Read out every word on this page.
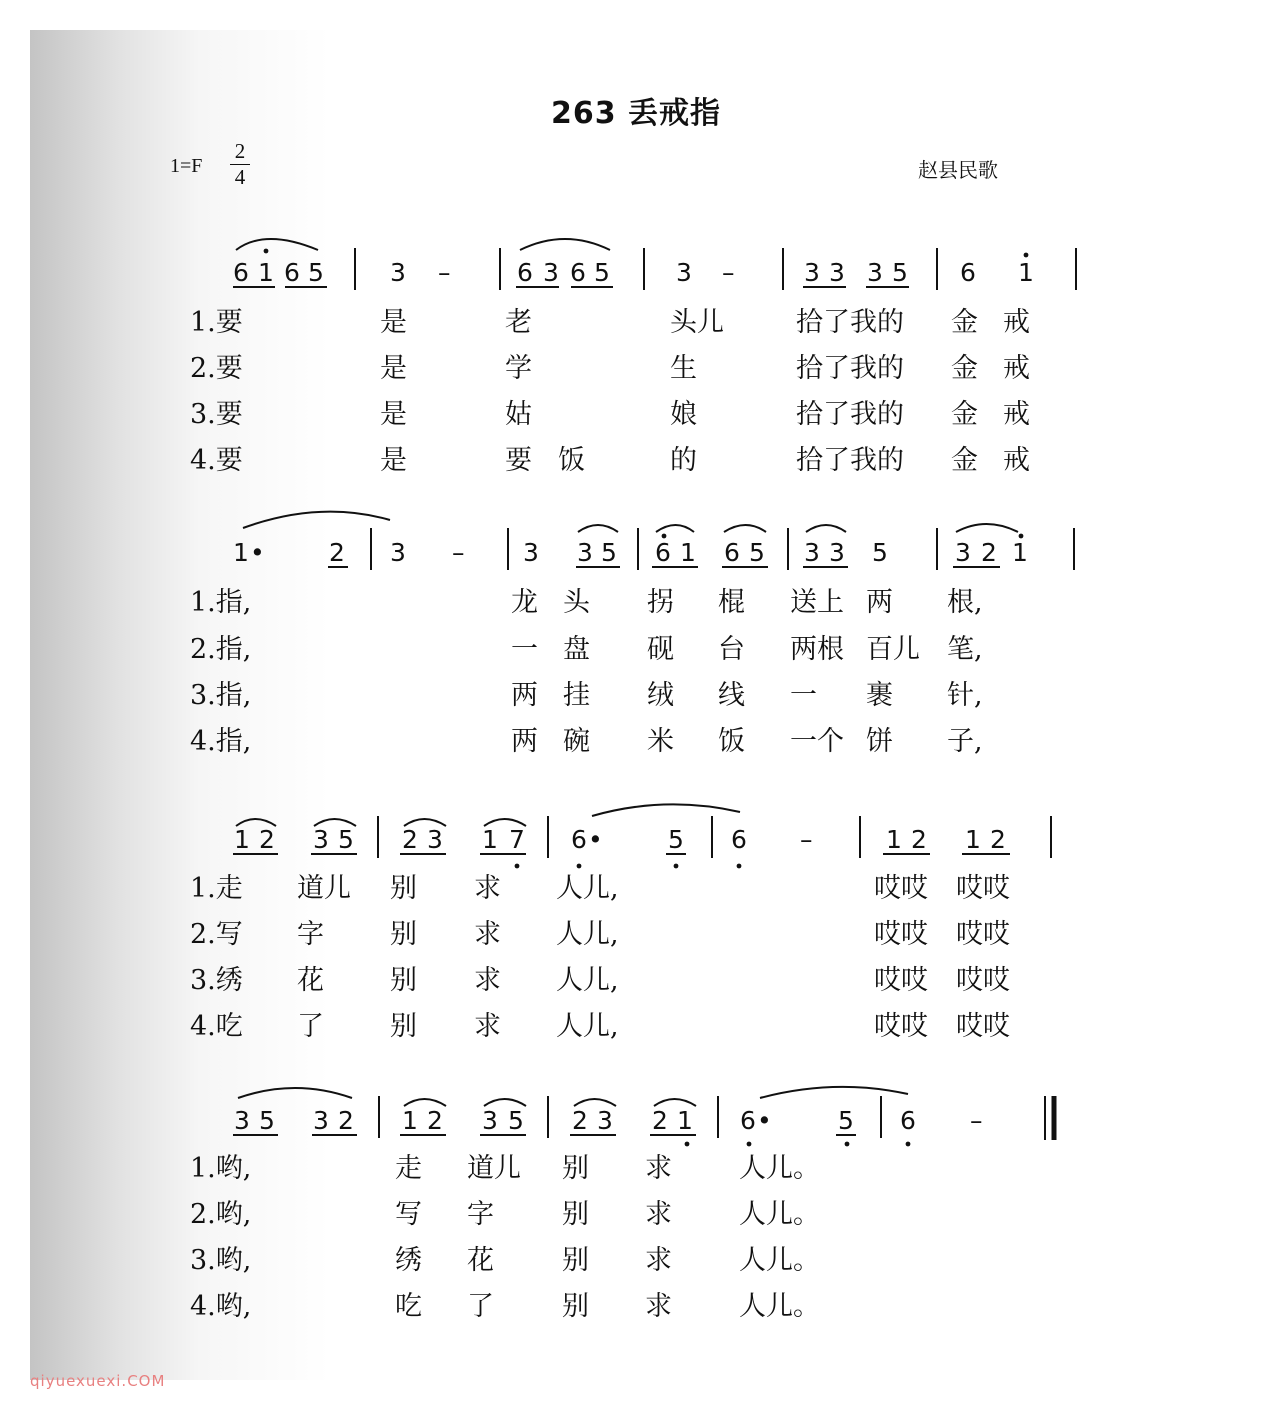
263 丢戒指
1=F
2
4	赵县民歌
6 1 6 5	3 –	6 3 6 5	3 –	3 3 3 5 6 1
1 •	2 3 – 3 3 5 6 1 6 5 3 3 5	3 2 1
1 2 3 5 2 3 1 7 6 •	5 6 –	1 2 1 2
3 5 3 2 1 2 3 5 2 3 2 1 6 •	5 6 –
1.要	是	老	头儿	拾了我的 金 戒
2.要	是	学	生	拾了我的 金 戒
3.要	是	姑	娘	拾了我的 金 戒
4.要	是	要 饭	的	拾了我的 金 戒
1.指,	龙 头 拐 棍 送上 两 根,
2.指,	一 盘 砚 台 两根 百儿 笔,
3.指,	两 挂 绒 线 一 裹 针,
4.指,	两 碗 米 饭 一个 饼 子,
1.走 道儿 别 求 人儿,	哎哎 哎哎
2.写 字 别 求 人儿,	哎哎 哎哎
3.绣 花 别 求 人儿,	哎哎 哎哎
4.吃 了 别 求 人儿,	哎哎 哎哎
1.哟,	走 道儿 别 求 人儿。
2.哟,	写 字	别 求 人儿。
3.哟,	绣 花	别 求 人儿。
4.哟,	吃 了	别 求 人儿。
qiyuexuexi.COM
